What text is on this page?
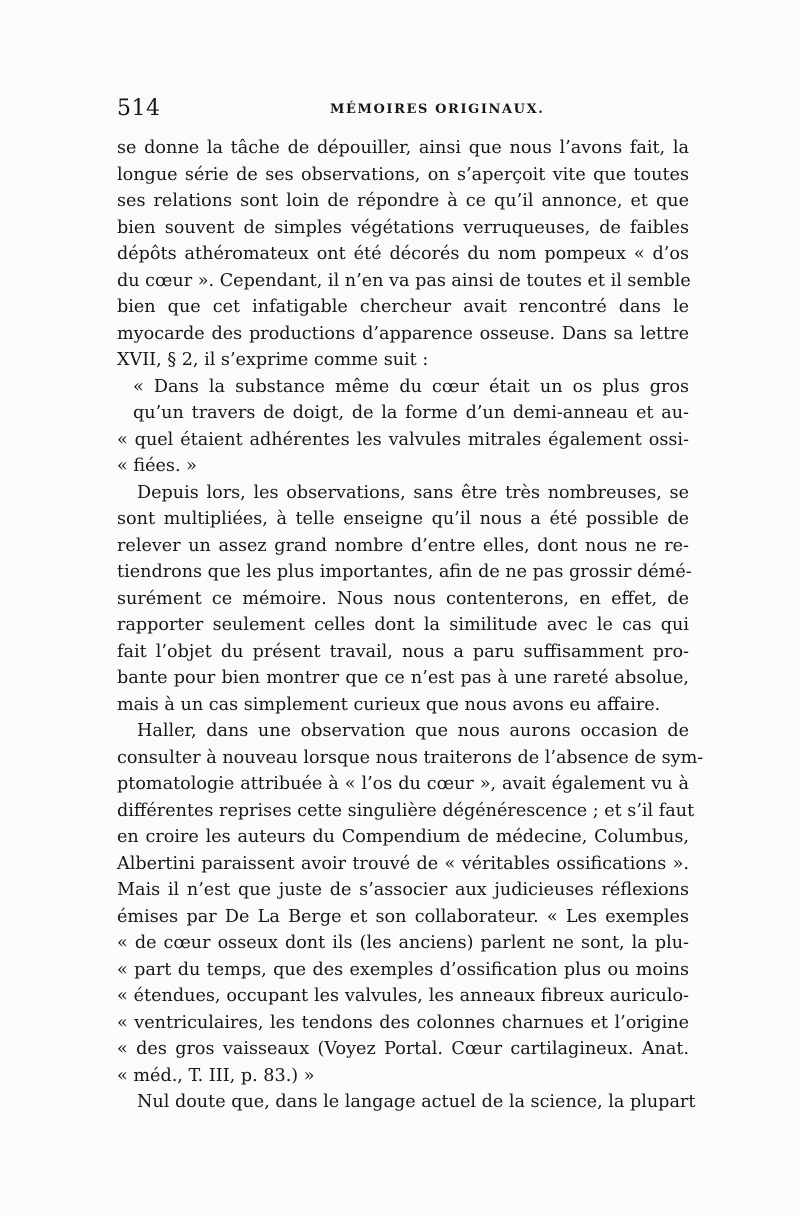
514	MÉMOIRES ORIGINAUX.
se donne la tâche de dépouiller, ainsi que nous l’avons fait, la
longue série de ses observations, on s’aperçoit vite que toutes
ses relations sont loin de répondre à ce qu’il annonce, et que
bien souvent de simples végétations verruqueuses, de faibles
dépôts athéromateux ont été décorés du nom pompeux « d’os
du cœur ». Cependant, il n’en va pas ainsi de toutes et il semble
bien que cet infatigable chercheur avait rencontré dans le
myocarde des productions d’apparence osseuse. Dans sa lettre
XVII, § 2, il s’exprime comme suit :
« Dans la substance même du cœur était un os plus gros
qu’un travers de doigt, de la forme d’un demi-anneau et au-
« quel étaient adhérentes les valvules mitrales également ossi-
« fiées. »
Depuis lors, les observations, sans être très nombreuses, se
sont multipliées, à telle enseigne qu’il nous a été possible de
relever un assez grand nombre d’entre elles, dont nous ne re-
tiendrons que les plus importantes, afin de ne pas grossir démé-
surément ce mémoire. Nous nous contenterons, en effet, de
rapporter seulement celles dont la similitude avec le cas qui
fait l’objet du présent travail, nous a paru suffisamment pro-
bante pour bien montrer que ce n’est pas à une rareté absolue,
mais à un cas simplement curieux que nous avons eu affaire.
Haller, dans une observation que nous aurons occasion de
consulter à nouveau lorsque nous traiterons de l’absence de sym-
ptomatologie attribuée à « l’os du cœur », avait également vu à
différentes reprises cette singulière dégénérescence ; et s’il faut
en croire les auteurs du Compendium de médecine, Columbus,
Albertini paraissent avoir trouvé de « véritables ossifications ».
Mais il n’est que juste de s’associer aux judicieuses réflexions
émises par De La Berge et son collaborateur. « Les exemples
« de cœur osseux dont ils (les anciens) parlent ne sont, la plu-
« part du temps, que des exemples d’ossification plus ou moins
« étendues, occupant les valvules, les anneaux fibreux auriculo-
« ventriculaires, les tendons des colonnes charnues et l’origine
« des gros vaisseaux (Voyez Portal. Cœur cartilagineux. Anat.
« méd., T. III, p. 83.) »
Nul doute que, dans le langage actuel de la science, la plupart
